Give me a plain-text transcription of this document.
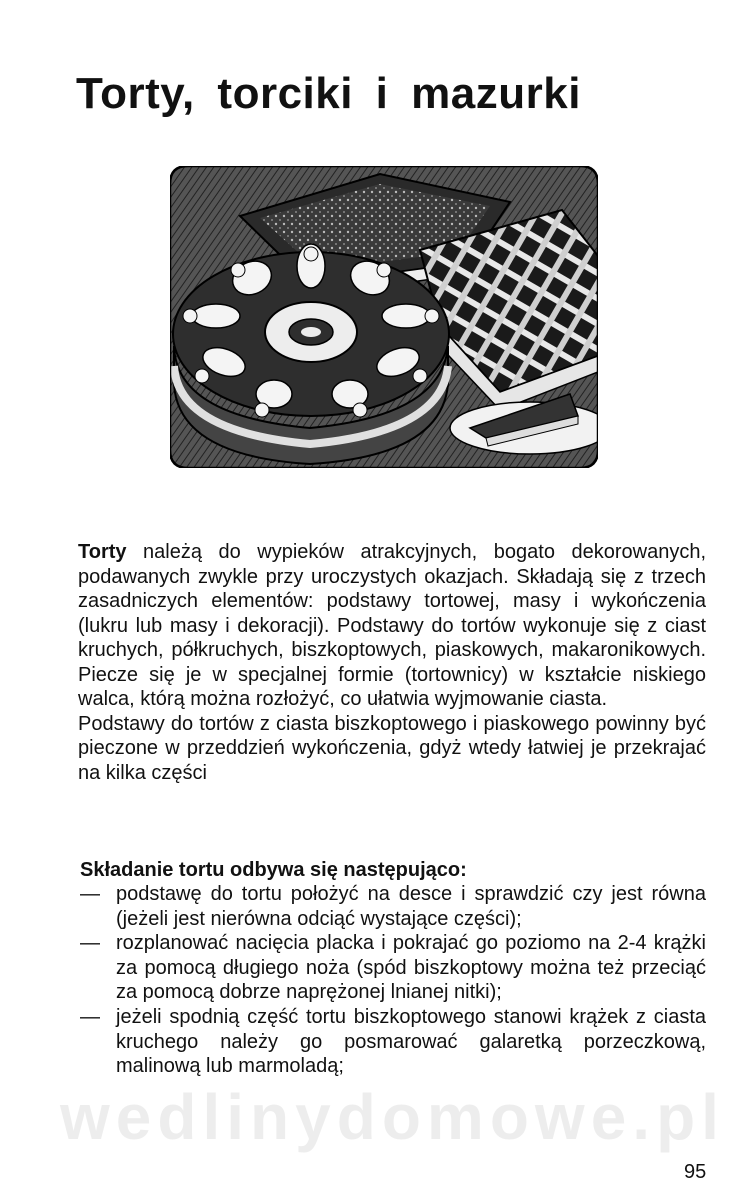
Torty, torciki i mazurki

Torty należą do wypieków atrakcyjnych, bogato dekorowanych, podawanych zwykle przy uroczystych okazjach. Składają się z trzech zasadniczych elementów: podstawy tortowej, masy i wykończenia (lukru lub masy i dekoracji). Podstawy do tortów wykonuje się z ciast kruchych, półkruchych, biszkoptowych, piaskowych, makaronikowych. Piecze się je w specjalnej formie (tortownicy) w kształcie niskiego walca, którą można rozłożyć, co ułatwia wyjmowanie ciasta.

Podstawy do tortów z ciasta biszkoptowego i piaskowego powinny być pieczone w przeddzień wykończenia, gdyż wtedy łatwiej je przekrajać na kilka części

Składanie tortu odbywa się następująco:
— podstawę do tortu położyć na desce i sprawdzić czy jest równa (jeżeli jest nierówna odciąć wystające części);
— rozplanować nacięcia placka i pokrajać go poziomo na 2-4 krążki za pomocą długiego noża (spód biszkoptowy można też przeciąć za pomocą dobrze naprężonej lnianej nitki);
— jeżeli spodnią część tortu biszkoptowego stanowi krążek z ciasta kruchego należy go posmarować galaretką porzeczkową, malinową lub marmoladą;
wedlinydomowe.pl
95
